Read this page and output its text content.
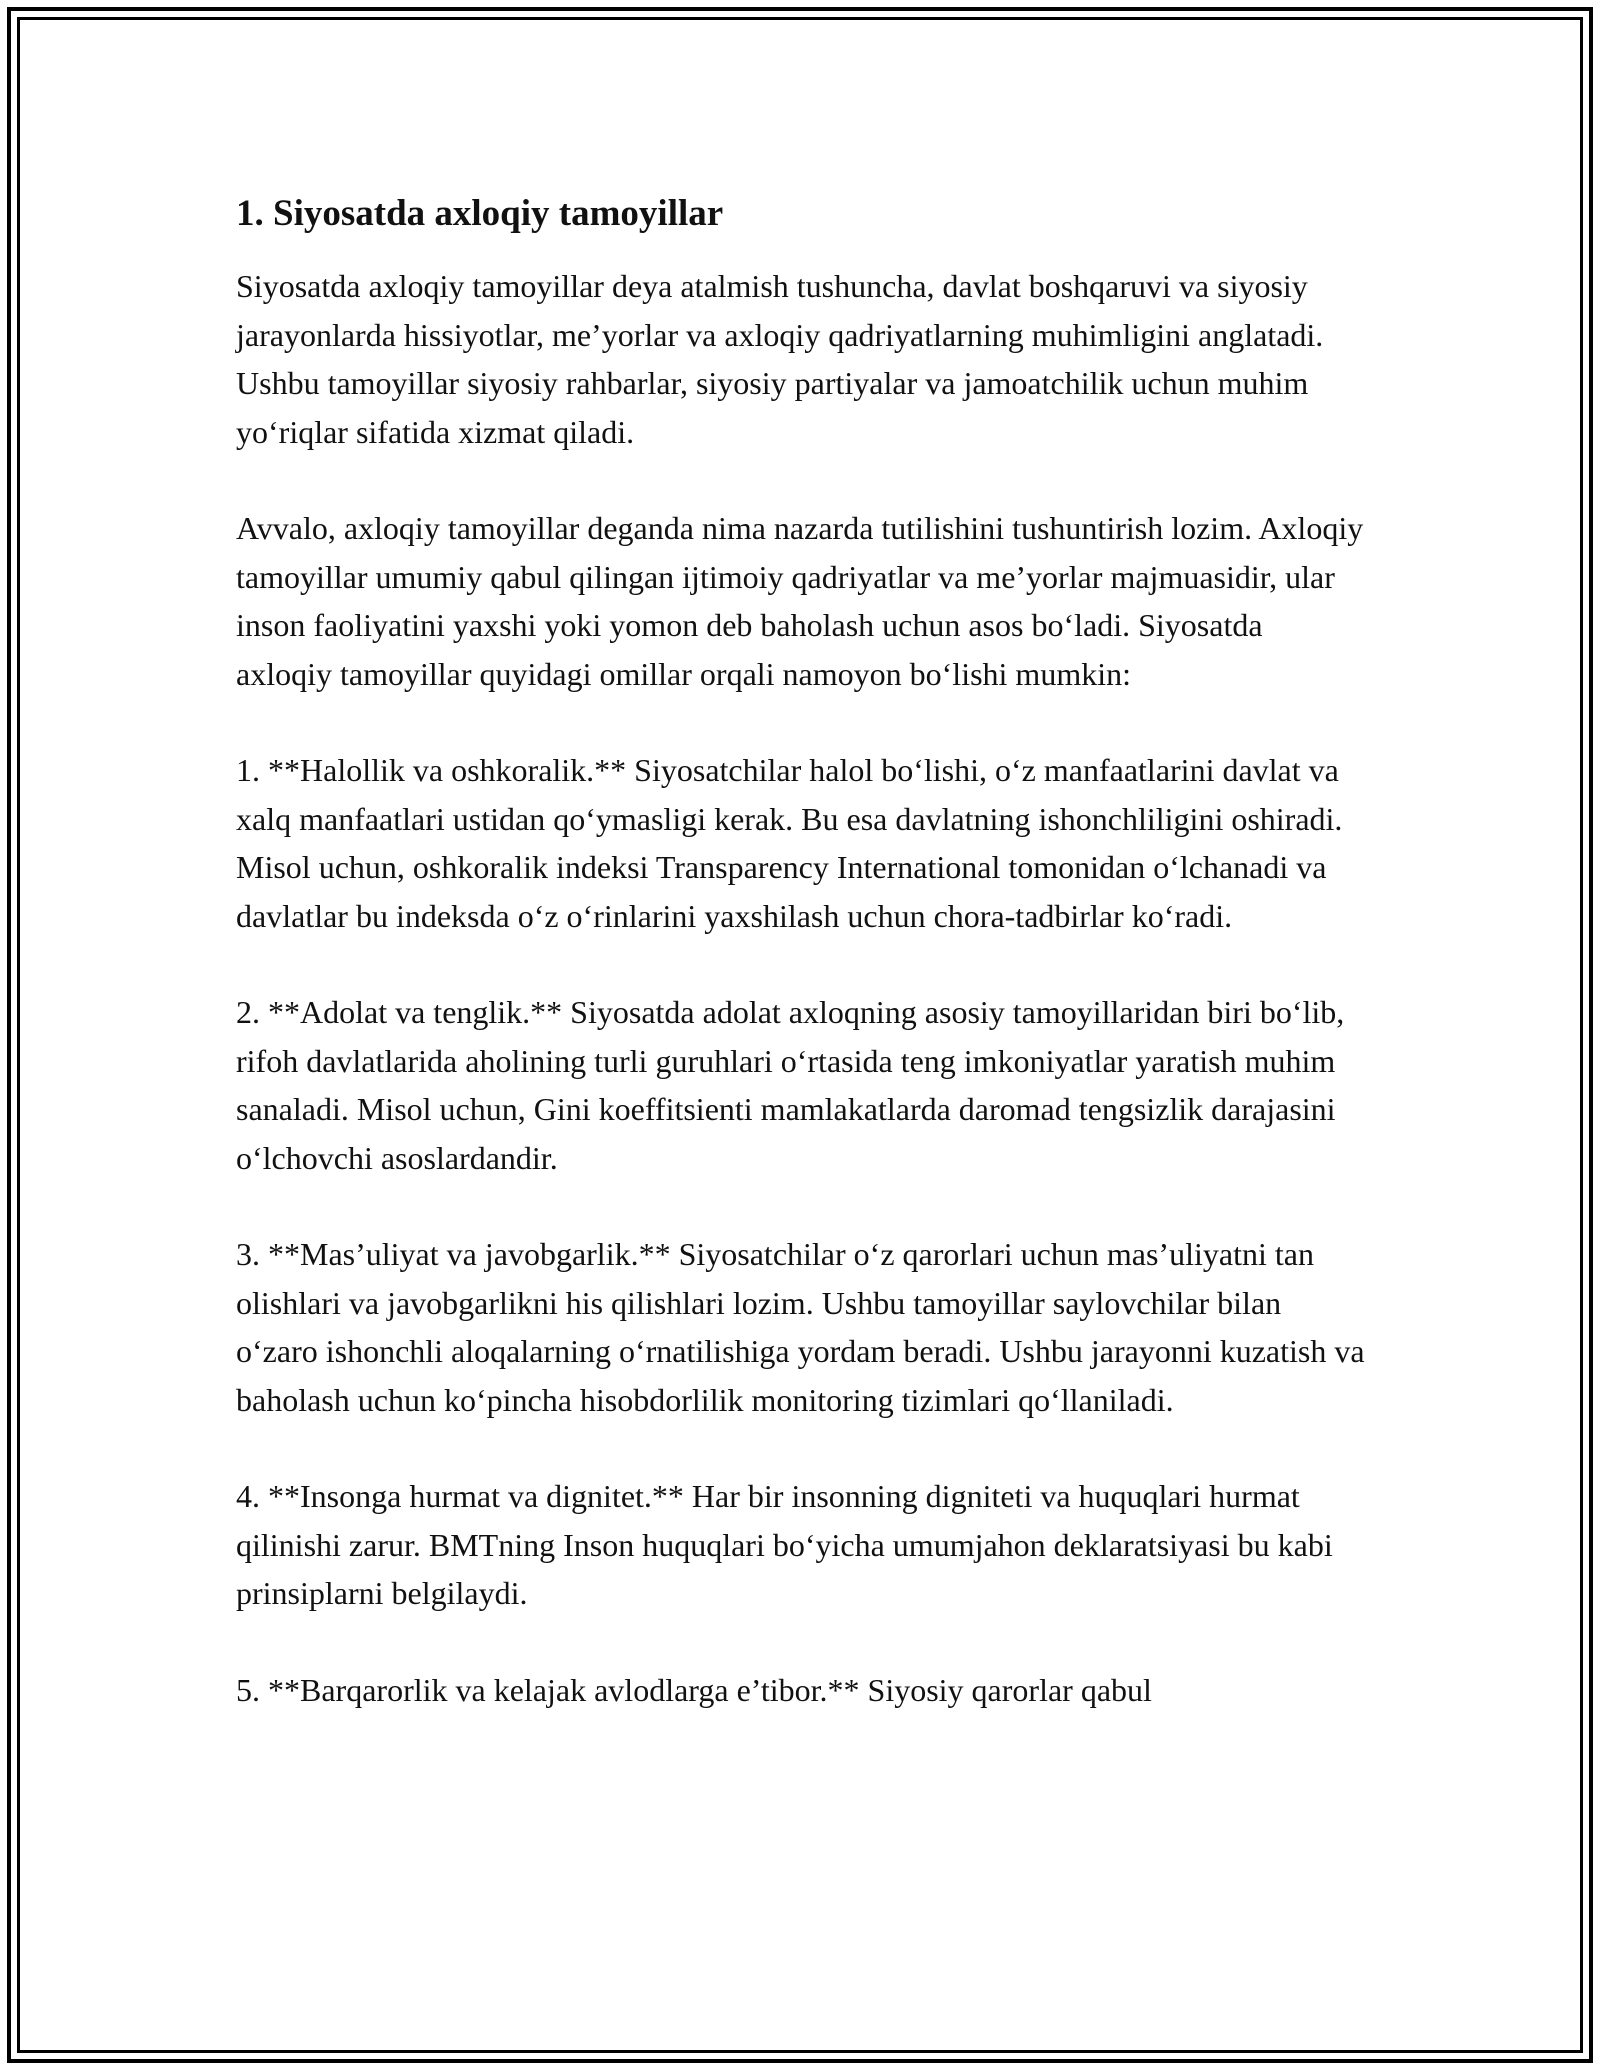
1. Siyosatda axloqiy tamoyillar

Siyosatda axloqiy tamoyillar deya atalmish tushuncha, davlat boshqaruvi va siyosiy jarayonlarda hissiyotlar, me’yorlar va axloqiy qadriyatlarning muhimligini anglatadi. Ushbu tamoyillar siyosiy rahbarlar, siyosiy partiyalar va jamoatchilik uchun muhim yoʻriqlar sifatida xizmat qiladi.

Avvalo, axloqiy tamoyillar deganda nima nazarda tutilishini tushuntirish lozim. Axloqiy tamoyillar umumiy qabul qilingan ijtimoiy qadriyatlar va me’yorlar majmuasidir, ular inson faoliyatini yaxshi yoki yomon deb baholash uchun asos boʻladi. Siyosatda axloqiy tamoyillar quyidagi omillar orqali namoyon boʻlishi mumkin:

1. **Halollik va oshkoralik.** Siyosatchilar halol boʻlishi, oʻz manfaatlarini davlat va xalq manfaatlari ustidan qoʻymasligi kerak. Bu esa davlatning ishonchliligini oshiradi. Misol uchun, oshkoralik indeksi Transparency International tomonidan oʻlchanadi va davlatlar bu indeksda oʻz oʻrinlarini yaxshilash uchun chora-tadbirlar koʻradi.

2. **Adolat va tenglik.** Siyosatda adolat axloqning asosiy tamoyillaridan biri boʻlib, rifoh davlatlarida aholining turli guruhlari oʻrtasida teng imkoniyatlar yaratish muhim sanaladi. Misol uchun, Gini koeffitsienti mamlakatlarda daromad tengsizlik darajasini oʻlchovchi asoslardandir.

3. **Mas’uliyat va javobgarlik.** Siyosatchilar oʻz qarorlari uchun mas’uliyatni tan olishlari va javobgarlikni his qilishlari lozim. Ushbu tamoyillar saylovchilar bilan oʻzaro ishonchli aloqalarning oʻrnatilishiga yordam beradi. Ushbu jarayonni kuzatish va baholash uchun koʻpincha hisobdorlilik monitoring tizimlari qoʻllaniladi.

4. **Insonga hurmat va dignitet.** Har bir insonning digniteti va huquqlari hurmat qilinishi zarur. BMTning Inson huquqlari boʻyicha umumjahon deklaratsiyasi bu kabi prinsiplarni belgilaydi.

5. **Barqarorlik va kelajak avlodlarga e’tibor.** Siyosiy qarorlar qabul
